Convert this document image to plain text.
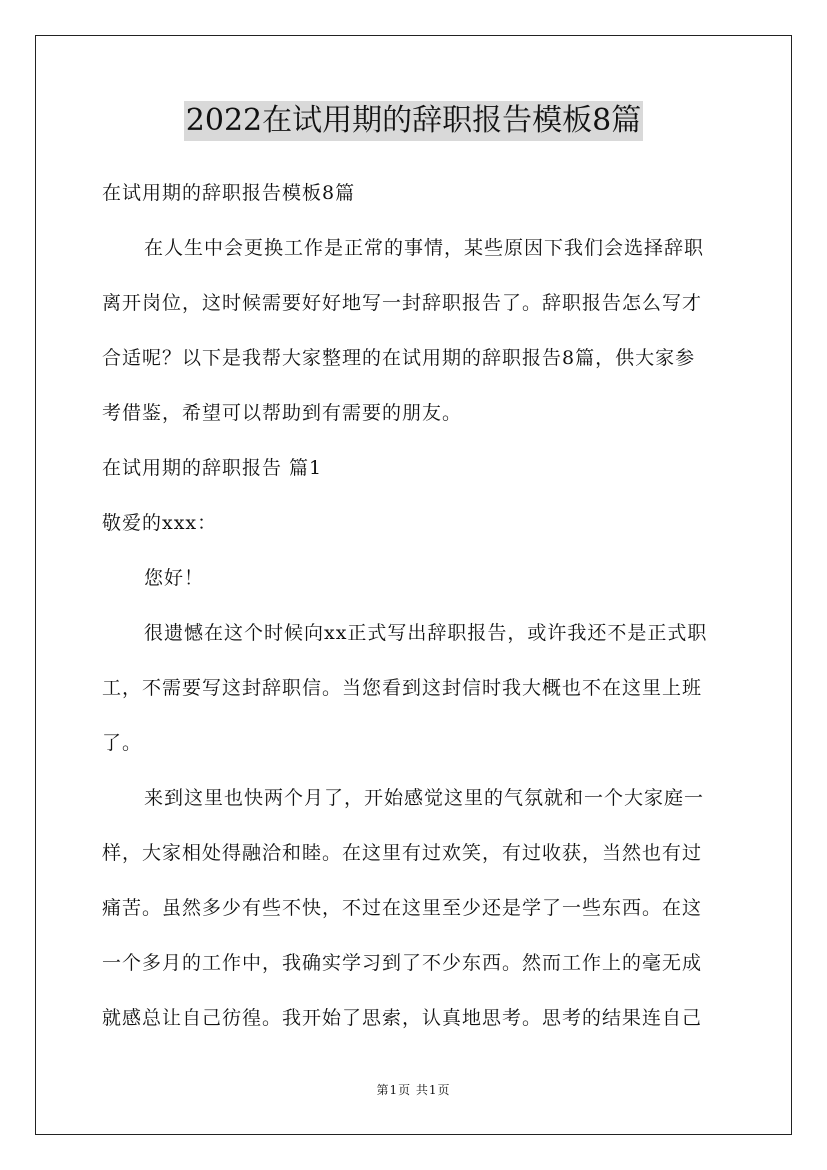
2022在试用期的辞职报告模板8篇
在试用期的辞职报告模板8篇
在人生中会更换工作是正常的事情，某些原因下我们会选择辞职
离开岗位，这时候需要好好地写一封辞职报告了。辞职报告怎么写才
合适呢？以下是我帮大家整理的在试用期的辞职报告8篇，供大家参
考借鉴，希望可以帮助到有需要的朋友。
在试用期的辞职报告 篇1
敬爱的xxx：
您好！
很遗憾在这个时候向xx正式写出辞职报告，或许我还不是正式职
工，不需要写这封辞职信。当您看到这封信时我大概也不在这里上班
了。
来到这里也快两个月了，开始感觉这里的气氛就和一个大家庭一
样，大家相处得融洽和睦。在这里有过欢笑，有过收获，当然也有过
痛苦。虽然多少有些不快，不过在这里至少还是学了一些东西。在这
一个多月的工作中，我确实学习到了不少东西。然而工作上的毫无成
就感总让自己彷徨。我开始了思索，认真地思考。思考的结果连自己
第1页 共1页
